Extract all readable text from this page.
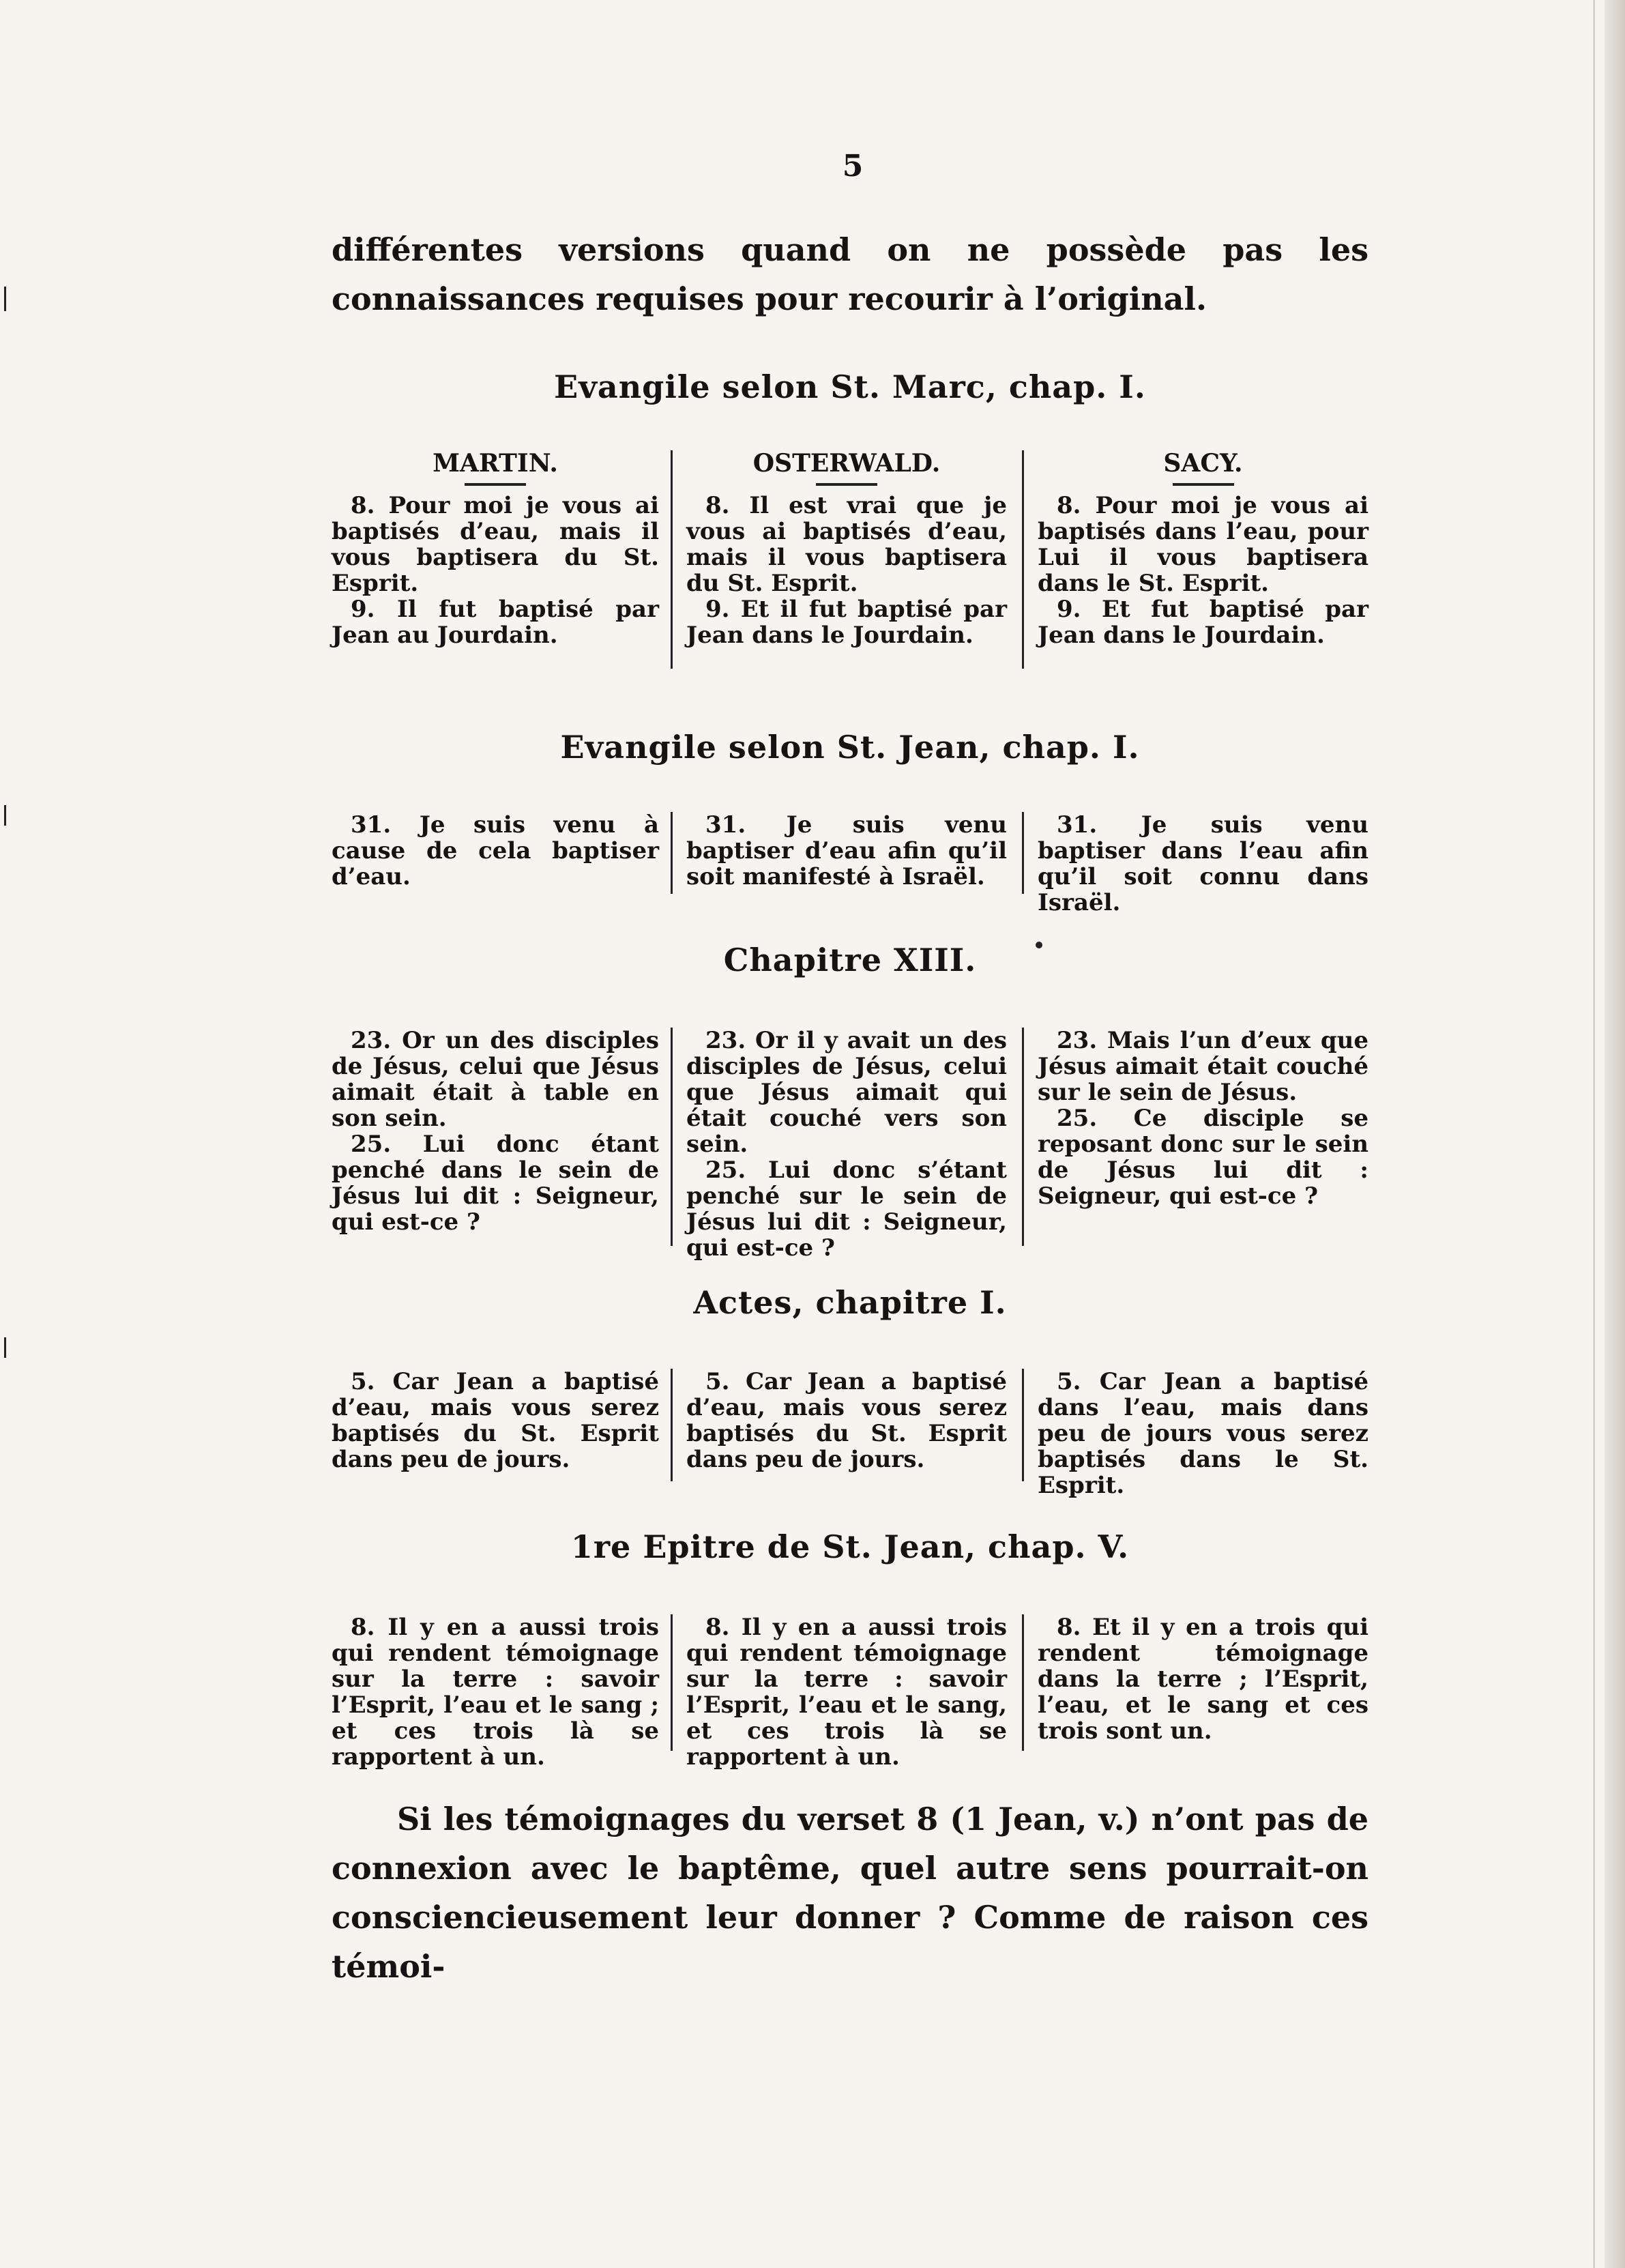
5
différentes versions quand on ne possède pas les connaissances requises pour recourir à l’original.
Evangile selon St. Marc, chap. I.
MARTIN.

8. Pour moi je vous ai baptisés d’eau, mais il vous baptisera du St. Esprit.

9. Il fut baptisé par Jean au Jourdain.

OSTERWALD.

8. Il est vrai que je vous ai baptisés d’eau, mais il vous baptisera du St. Esprit.

9. Et il fut baptisé par Jean dans le Jourdain.

SACY.

8. Pour moi je vous ai baptisés dans l’eau, pour Lui il vous baptisera dans le St. Esprit.

9. Et fut baptisé par Jean dans le Jourdain.

Evangile selon St. Jean, chap. I.

31. Je suis venu à cause de cela baptiser d’eau.

31. Je suis venu baptiser d’eau afin qu’il soit manifesté à Israël.

31. Je suis venu baptiser dans l’eau afin qu’il soit connu dans Israël.

Chapitre XIII.

23. Or un des disciples de Jésus, celui que Jésus aimait était à table en son sein.

25. Lui donc étant penché dans le sein de Jésus lui dit : Seigneur, qui est-ce ?

23. Or il y avait un des disciples de Jésus, celui que Jésus aimait qui était couché vers son sein.

25. Lui donc s’étant penché sur le sein de Jésus lui dit : Seigneur, qui est-ce ?

23. Mais l’un d’eux que Jésus aimait était couché sur le sein de Jésus.

25. Ce disciple se reposant donc sur le sein de Jésus lui dit : Seigneur, qui est-ce ?

Actes, chapitre I.

5. Car Jean a baptisé d’eau, mais vous serez baptisés du St. Esprit dans peu de jours.

5. Car Jean a baptisé d’eau, mais vous serez baptisés du St. Esprit dans peu de jours.

5. Car Jean a baptisé dans l’eau, mais dans peu de jours vous serez baptisés dans le St. Esprit.

1re Epitre de St. Jean, chap. V.

8. Il y en a aussi trois qui rendent témoignage sur la terre : savoir l’Esprit, l’eau et le sang ; et ces trois là se rapportent à un.

8. Il y en a aussi trois qui rendent témoignage sur la terre : savoir l’Esprit, l’eau et le sang, et ces trois là se rapportent à un.

8. Et il y en a trois qui rendent témoignage dans la terre ; l’Esprit, l’eau, et le sang et ces trois sont un.

Si les témoignages du verset 8 (1 Jean, v.) n’ont pas de connexion avec le baptême, quel autre sens pourrait-on consciencieusement leur donner ? Comme de raison ces témoi-
